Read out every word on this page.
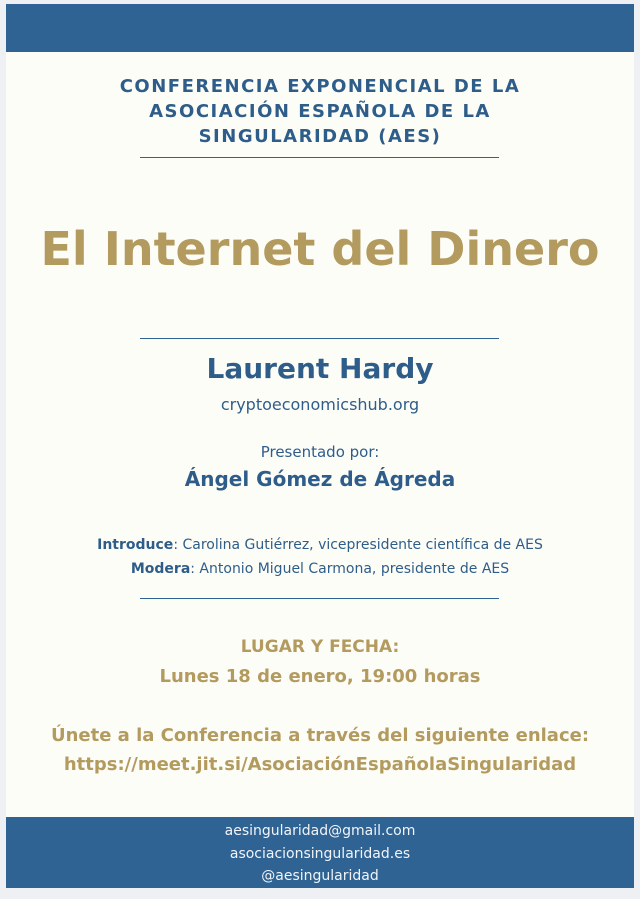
CONFERENCIA EXPONENCIAL DE LA
ASOCIACIÓN ESPAÑOLA DE LA
SINGULARIDAD (AES)
El Internet del Dinero
Laurent Hardy
cryptoeconomicshub.org
Presentado por:
Ángel Gómez de Ágreda
Introduce: Carolina Gutiérrez, vicepresidente científica de AES
Modera: Antonio Miguel Carmona, presidente de AES
LUGAR Y FECHA:
Lunes 18 de enero, 19:00 horas
Únete a la Conferencia a través del siguiente enlace:
https://meet.jit.si/AsociaciónEspañolaSingularidad
aesingularidad@gmail.com
asociacionsingularidad.es
@aesingularidad
